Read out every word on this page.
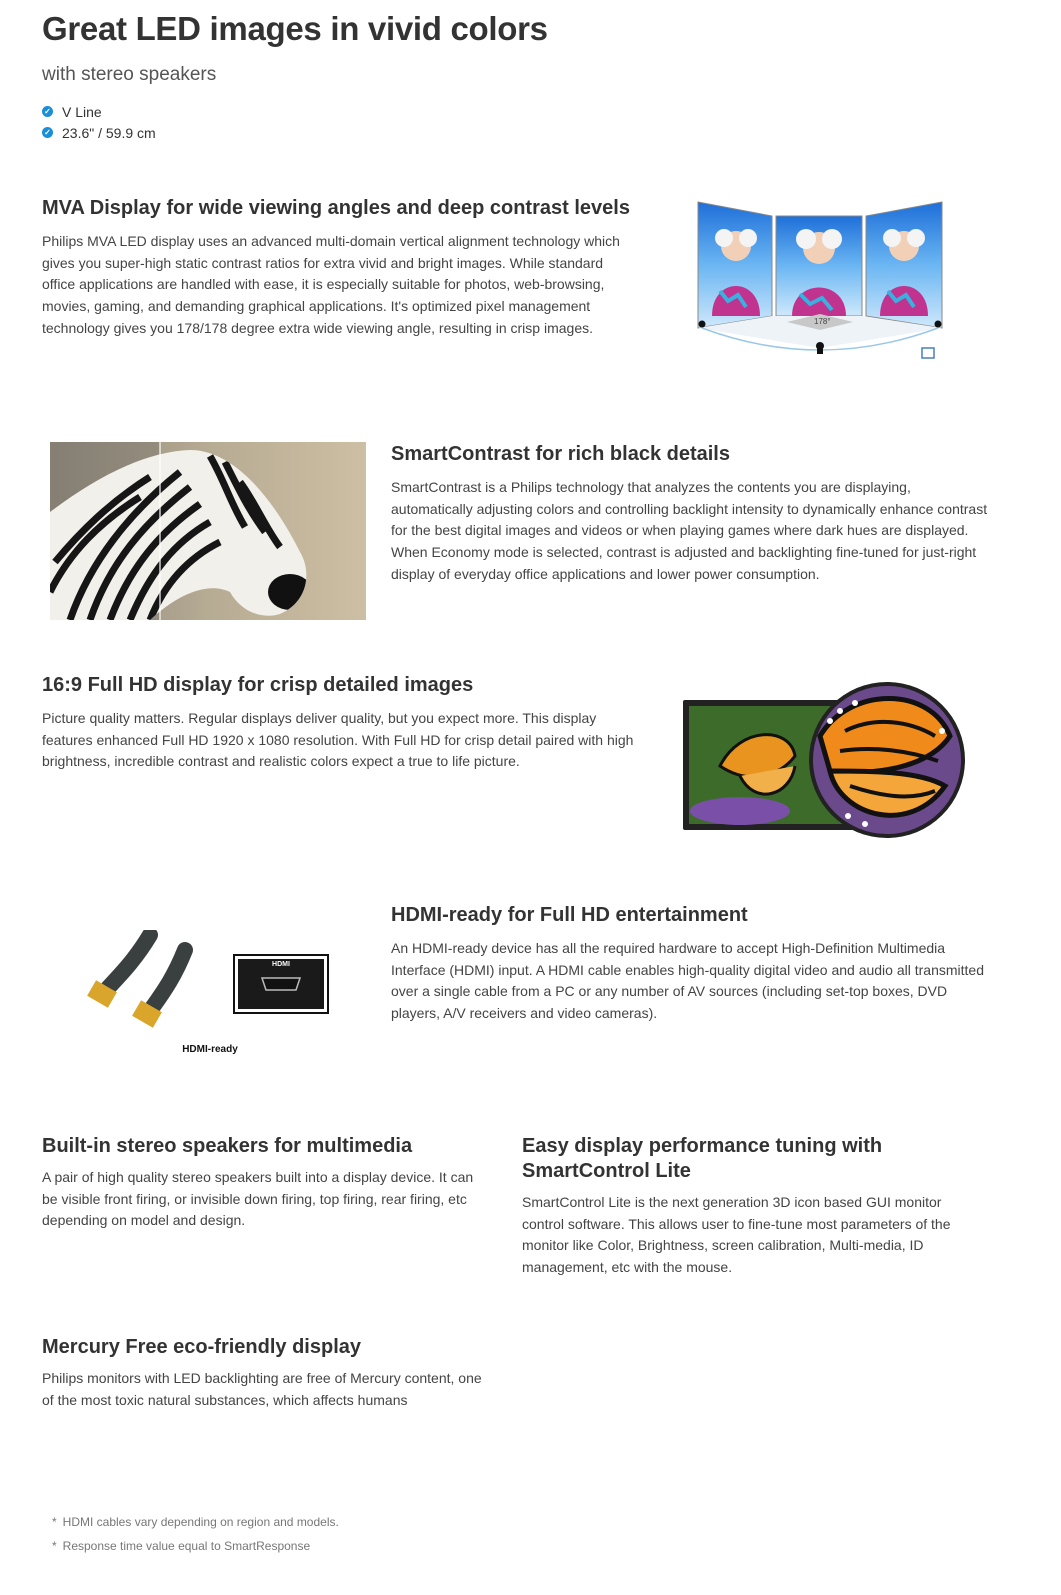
Great LED images in vivid colors
with stereo speakers
✓ V Line
✓ 23.6" / 59.9 cm
MVA Display for wide viewing angles and deep contrast levels

Philips MVA LED display uses an advanced multi-domain vertical alignment technology which gives you super-high static contrast ratios for extra vivid and bright images. While standard office applications are handled with ease, it is especially suitable for photos, web-browsing, movies, gaming, and demanding graphical applications. It's optimized pixel management technology gives you 178/178 degree extra wide viewing angle, resulting in crisp images.	178°
SmartContrast for rich black details

SmartContrast is a Philips technology that analyzes the contents you are displaying, automatically adjusting colors and controlling backlight intensity to dynamically enhance contrast for the best digital images and videos or when playing games where dark hues are displayed. When Economy mode is selected, contrast is adjusted and backlighting fine-tuned for just-right display of everyday office applications and lower power consumption.

16:9 Full HD display for crisp detailed images

Picture quality matters. Regular displays deliver quality, but you expect more. This display features enhanced Full HD 1920 x 1080 resolution. With Full HD for crisp detail paired with high brightness, incredible contrast and realistic colors expect a true to life picture.

HDMI
HDMI-ready
HDMI-ready for Full HD entertainment

An HDMI-ready device has all the required hardware to accept High-Definition Multimedia Interface (HDMI) input. A HDMI cable enables high-quality digital video and audio all transmitted over a single cable from a PC or any number of AV sources (including set-top boxes, DVD players, A/V receivers and video cameras).

Built-in stereo speakers for multimedia

A pair of high quality stereo speakers built into a display device. It can be visible front firing, or invisible down firing, top firing, rear firing, etc depending on model and design.

Easy display performance tuning with SmartControl Lite

SmartControl Lite is the next generation 3D icon based GUI monitor control software. This allows user to fine-tune most parameters of the monitor like Color, Brightness, screen calibration, Multi-media, ID management, etc with the mouse.

Mercury Free eco-friendly display

Philips monitors with LED backlighting are free of Mercury content, one of the most toxic natural substances, which affects humans

* HDMI cables vary depending on region and models.

* Response time value equal to SmartResponse
